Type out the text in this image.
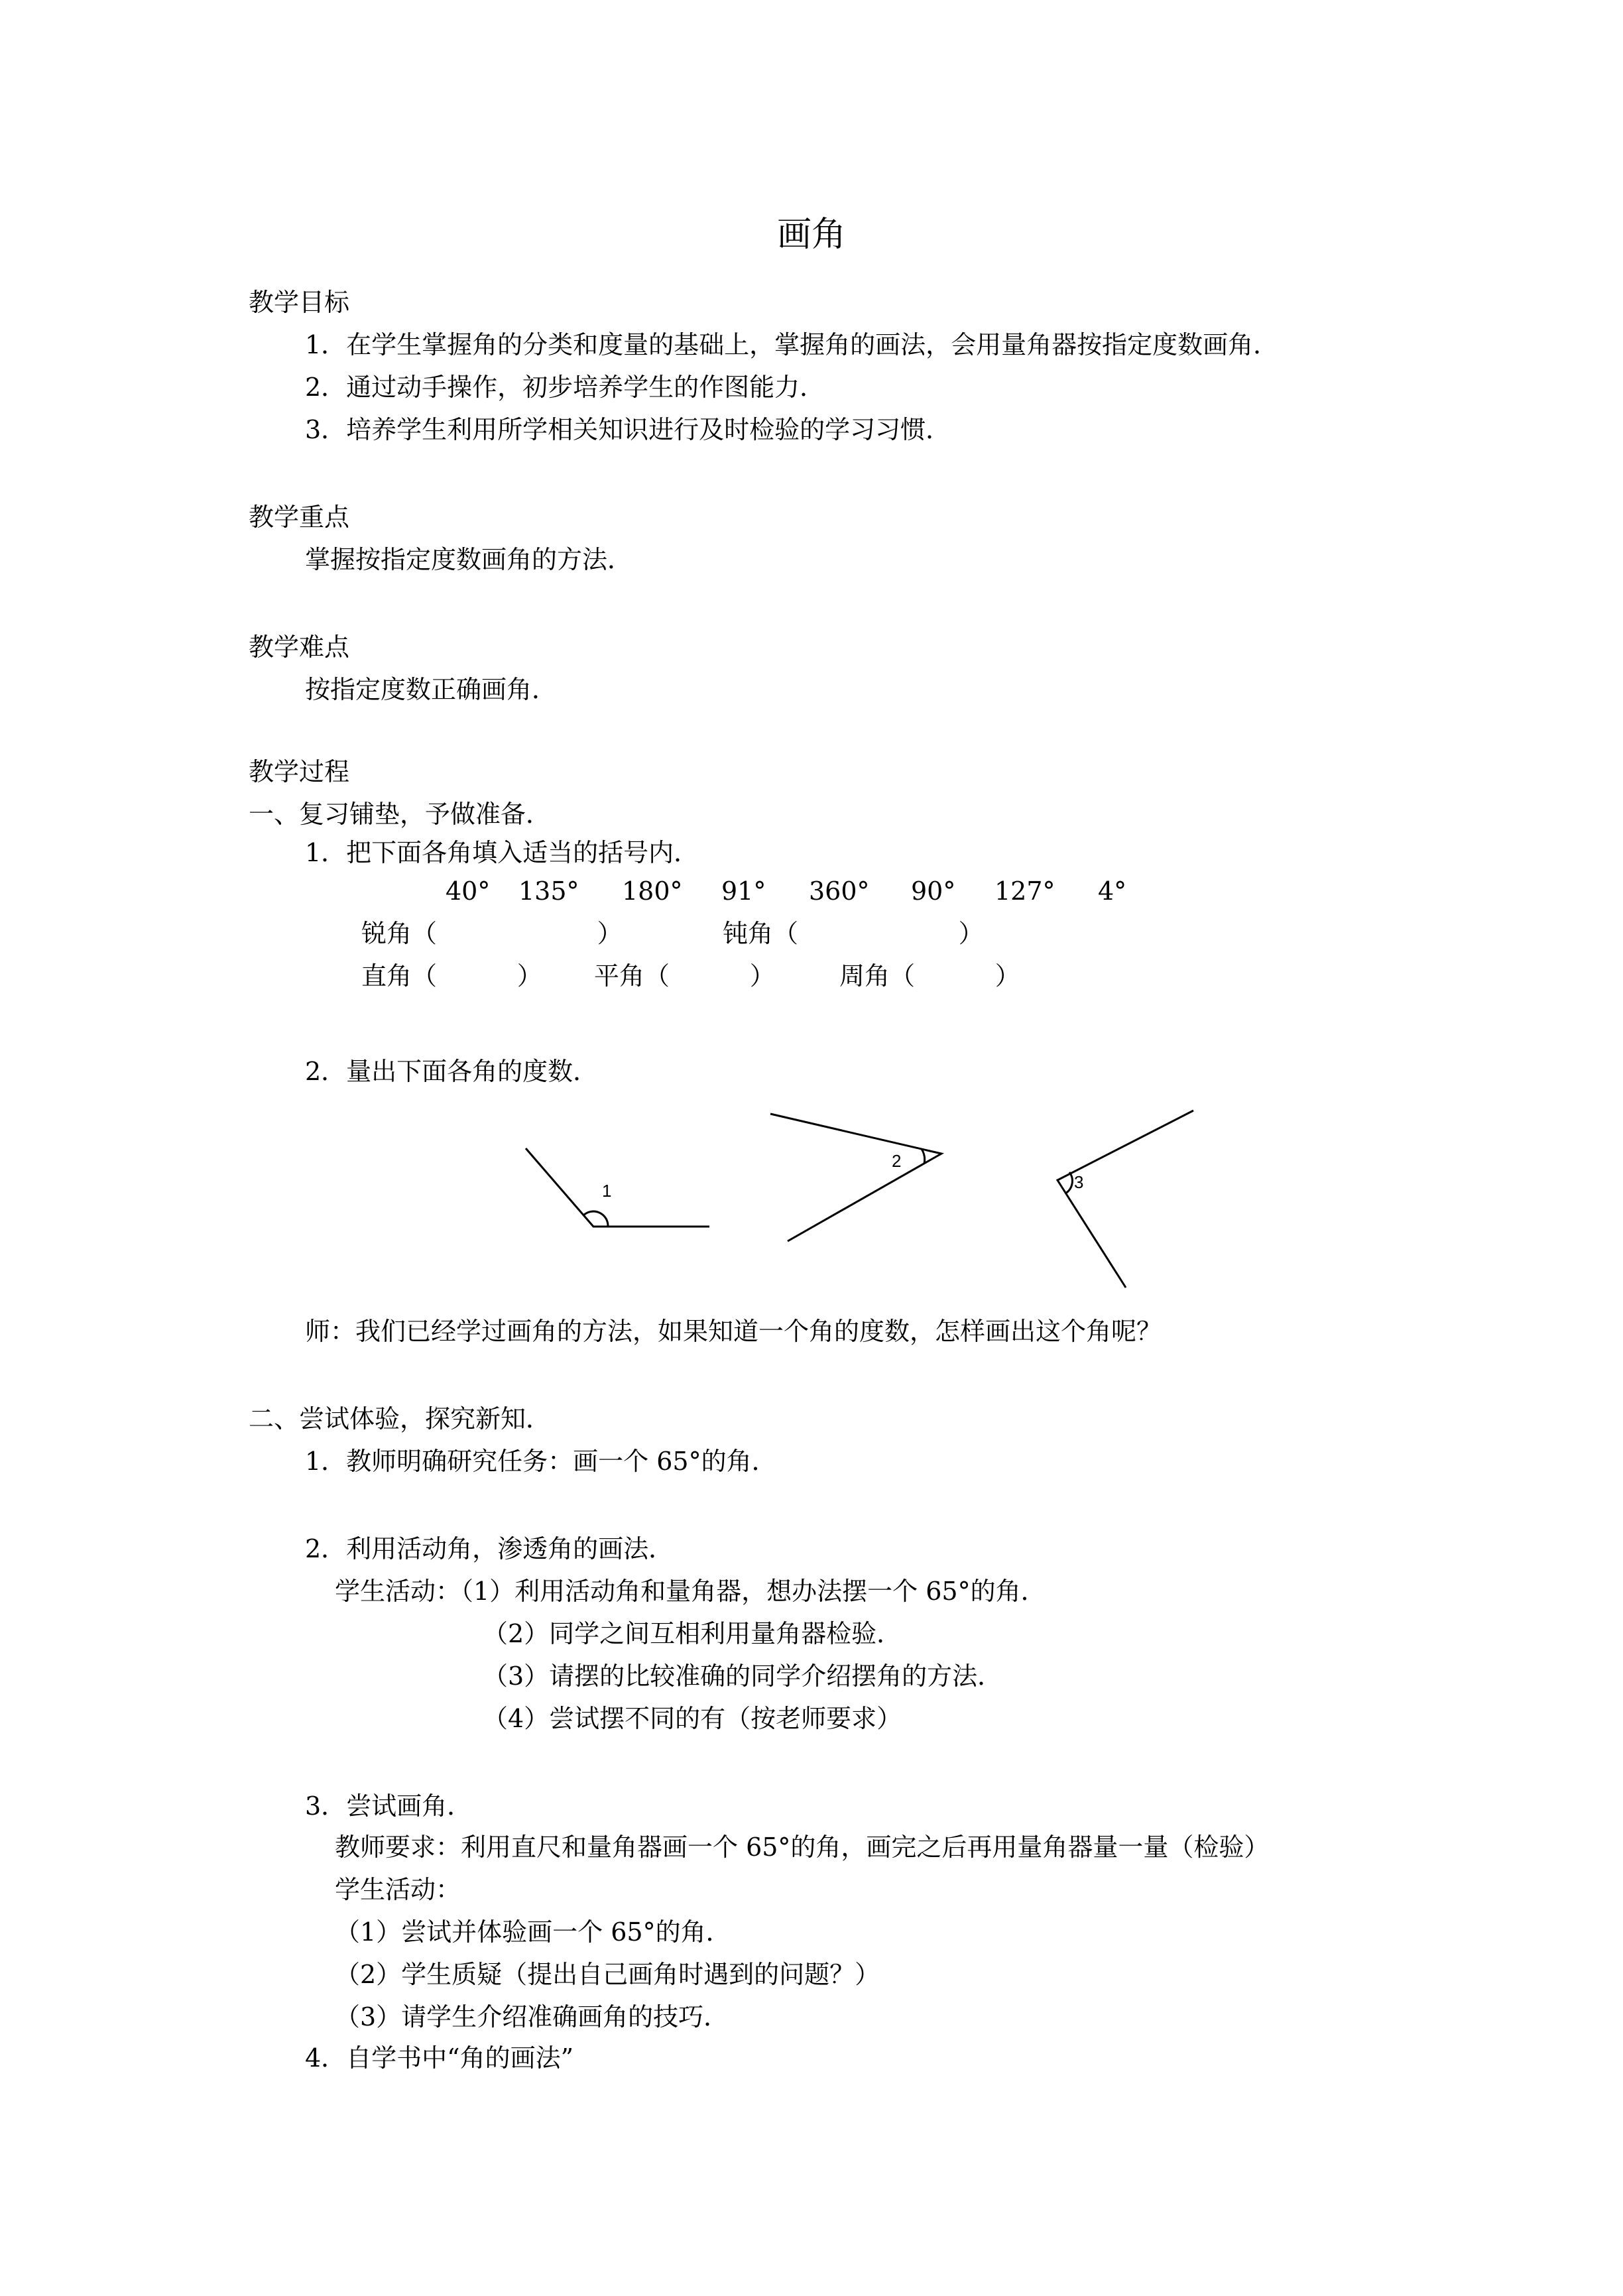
画角
教学目标
1．在学生掌握角的分类和度量的基础上，掌握角的画法，会用量角器按指定度数画角．
2．通过动手操作，初步培养学生的作图能力．
3．培养学生利用所学相关知识进行及时检验的学习习惯．
教学重点
掌握按指定度数画角的方法．
教学难点
按指定度数正确画角．
教学过程
一、复习铺垫，予做准备．
1．把下面各角填入适当的括号内．
40° 135° 180° 91° 360° 90° 127° 4°
锐角（                    ）	钝角（                    ）
直角（          ） 平角（          ）	周角（          ）
2．量出下面各角的度数．
1
2
3
师：我们已经学过画角的方法，如果知道一个角的度数，怎样画出这个角呢？
二、尝试体验，探究新知．
1．教师明确研究任务：画一个 65°的角．
2．利用活动角，渗透角的画法．
学生活动：（1）利用活动角和量角器，想办法摆一个 65°的角．
（2）同学之间互相利用量角器检验．
（3）请摆的比较准确的同学介绍摆角的方法．
（4）尝试摆不同的有（按老师要求）
3．尝试画角．
教师要求：利用直尺和量角器画一个 65°的角，画完之后再用量角器量一量（检验）
学生活动：
（1）尝试并体验画一个 65°的角．
（2）学生质疑（提出自己画角时遇到的问题？）
（3）请学生介绍准确画角的技巧．
4．自学书中“角的画法”
